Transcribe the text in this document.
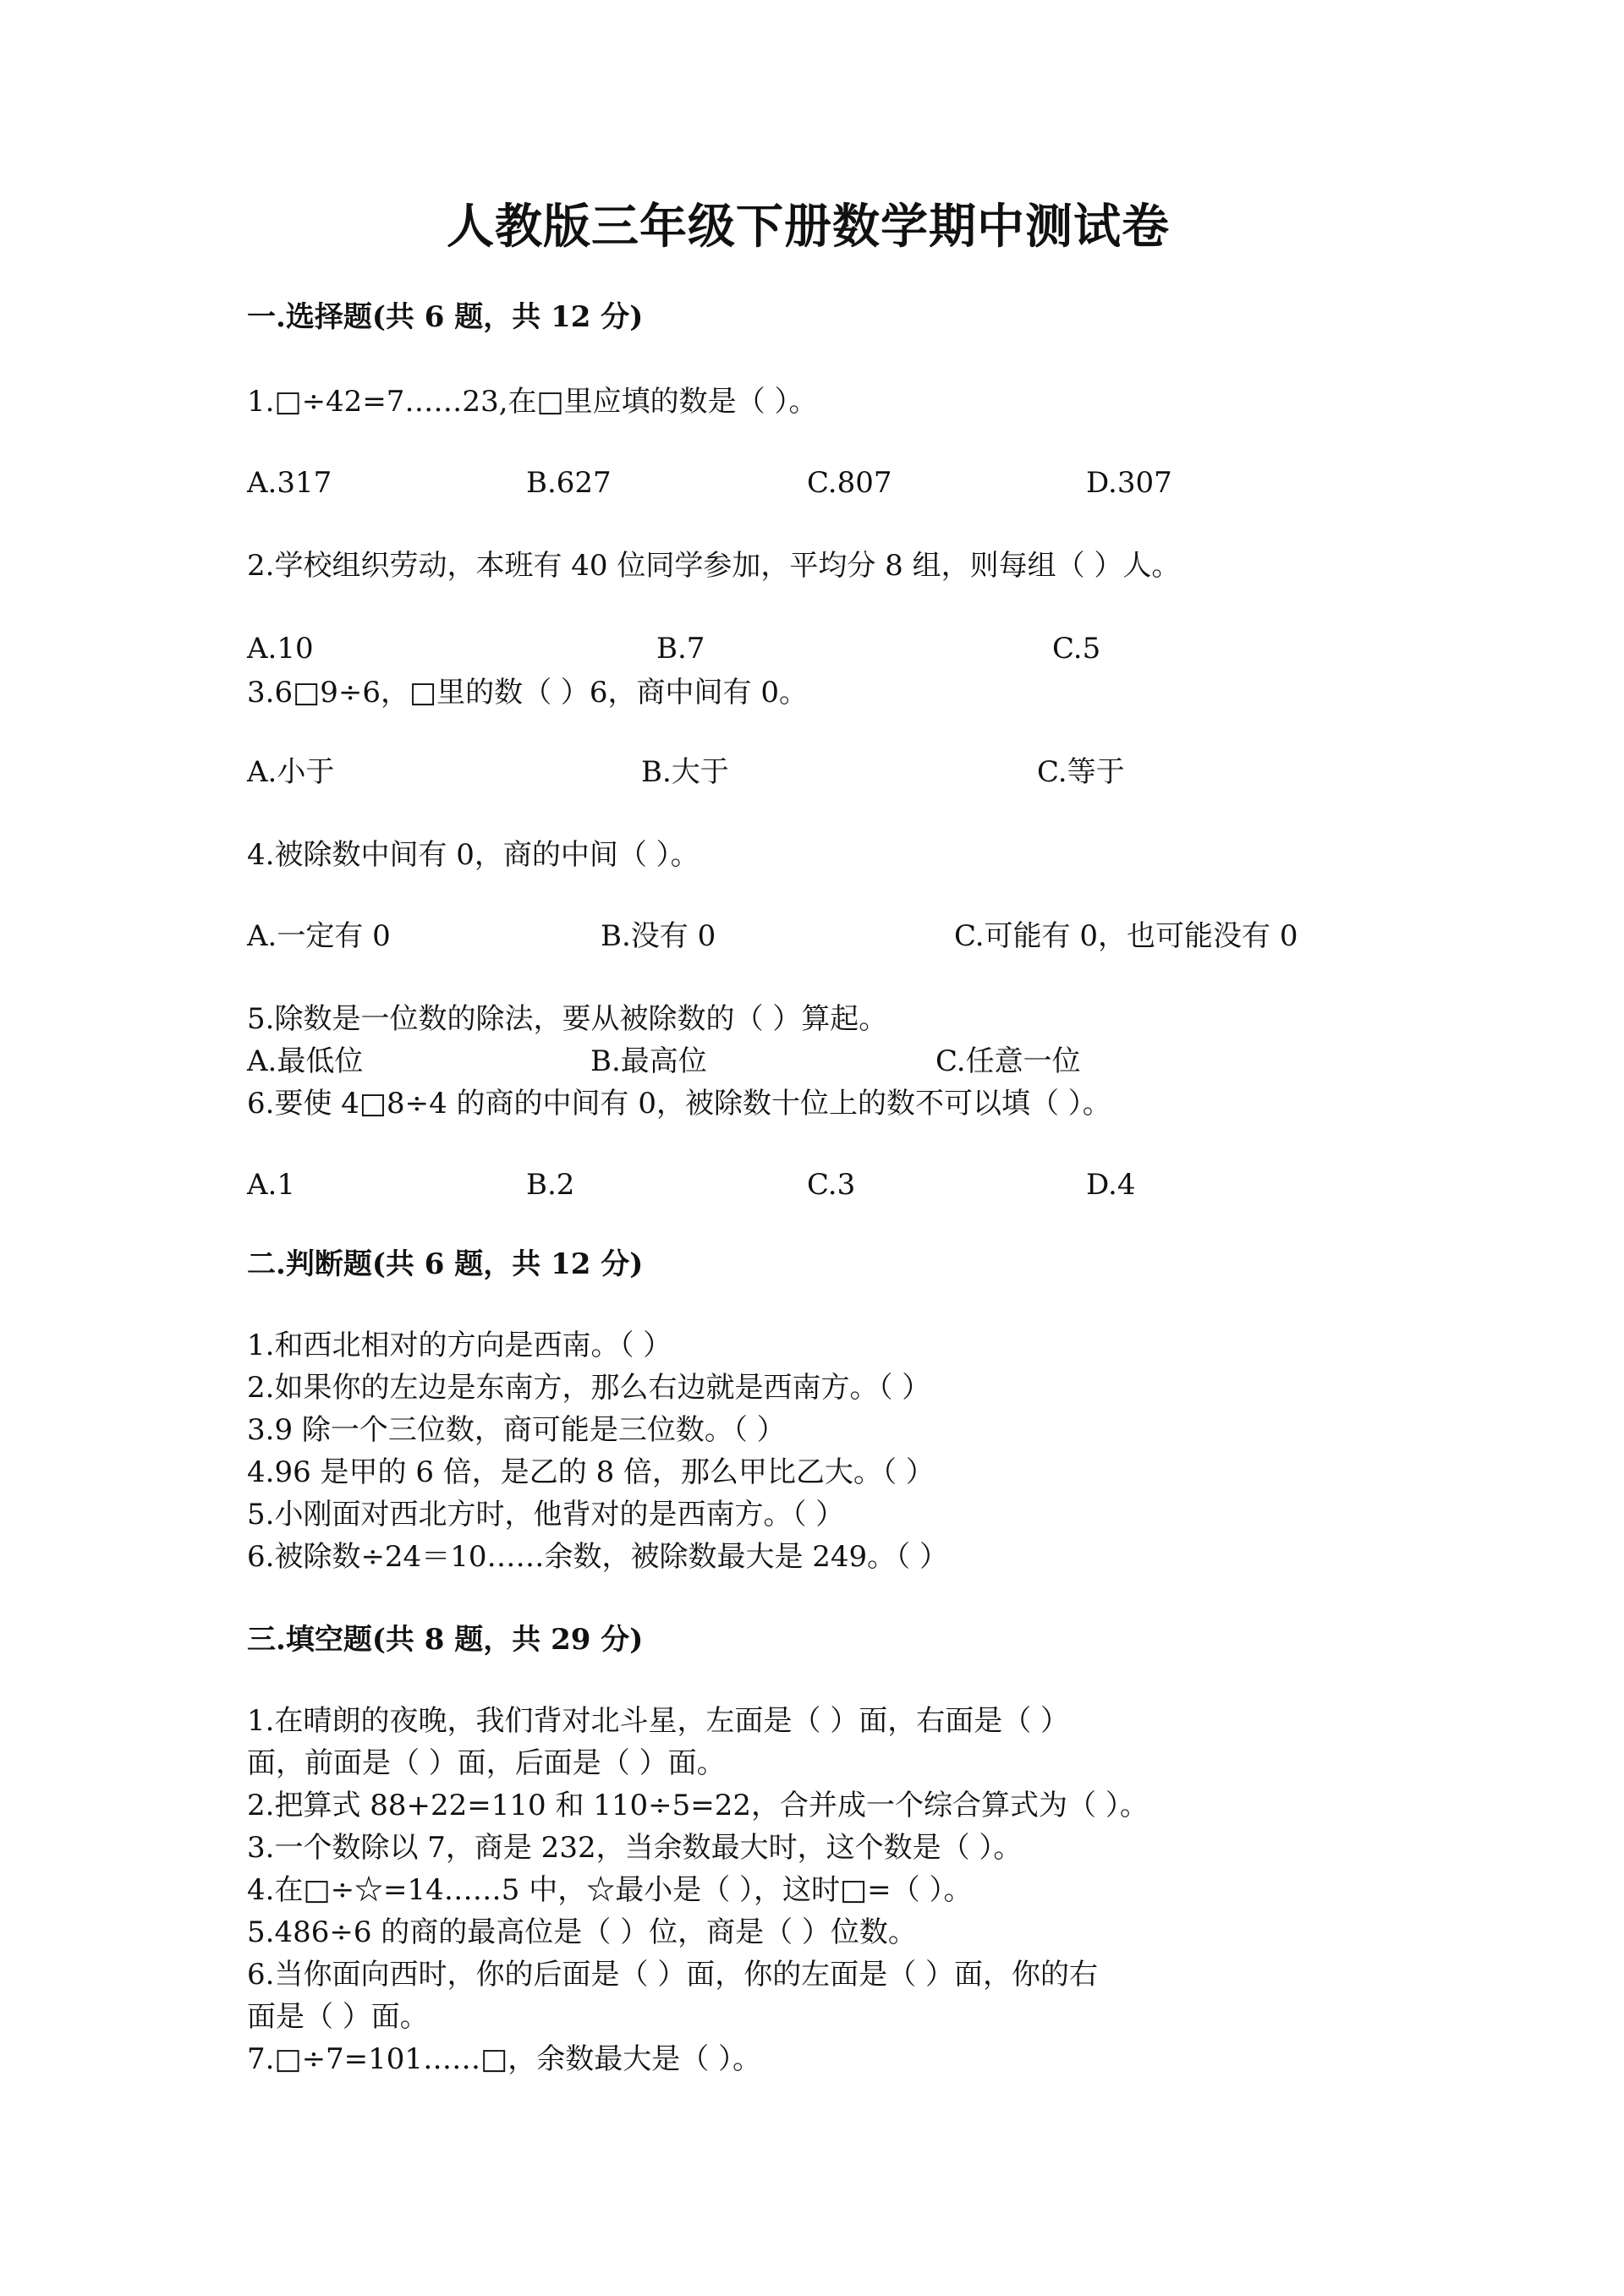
人教版三年级下册数学期中测试卷
一.选择题(共 6 题，共 12 分)
1.□÷42=7……23,在□里应填的数是（ ）。
A.317	B.627	C.807	D.307
2.学校组织劳动，本班有 40 位同学参加，平均分 8 组，则每组（ ）人。
A.10	B.7	C.5
3.6□9÷6，□里的数（ ）6，商中间有 0。
A.小于	B.大于	C.等于
4.被除数中间有 0，商的中间（ ）。
A.一定有 0	B.没有 0	C.可能有 0，也可能没有 0
5.除数是一位数的除法，要从被除数的（ ）算起。
A.最低位	B.最高位	C.任意一位
6.要使 4□8÷4 的商的中间有 0，被除数十位上的数不可以填（ ）。
A.1	B.2	C.3	D.4
二.判断题(共 6 题，共 12 分)
1.和西北相对的方向是西南。（ ）
2.如果你的左边是东南方，那么右边就是西南方。（ ）
3.9 除一个三位数，商可能是三位数。（ ）
4.96 是甲的 6 倍，是乙的 8 倍，那么甲比乙大。（ ）
5.小刚面对西北方时，他背对的是西南方。（ ）
6.被除数÷24＝10……余数，被除数最大是 249。（ ）
三.填空题(共 8 题，共 29 分)
1.在晴朗的夜晚，我们背对北斗星，左面是（ ）面，右面是（ ）
面，前面是（ ）面，后面是（ ）面。
2.把算式 88+22=110 和 110÷5=22，合并成一个综合算式为（ ）。
3.一个数除以 7，商是 232，当余数最大时，这个数是（ ）。
4.在□÷☆=14……5 中，☆最小是（ ），这时□=（ ）。
5.486÷6 的商的最高位是（ ）位，商是（ ）位数。
6.当你面向西时，你的后面是（ ）面，你的左面是（ ）面，你的右
面是（ ）面。
7.□÷7=101……□，余数最大是（ ）。
